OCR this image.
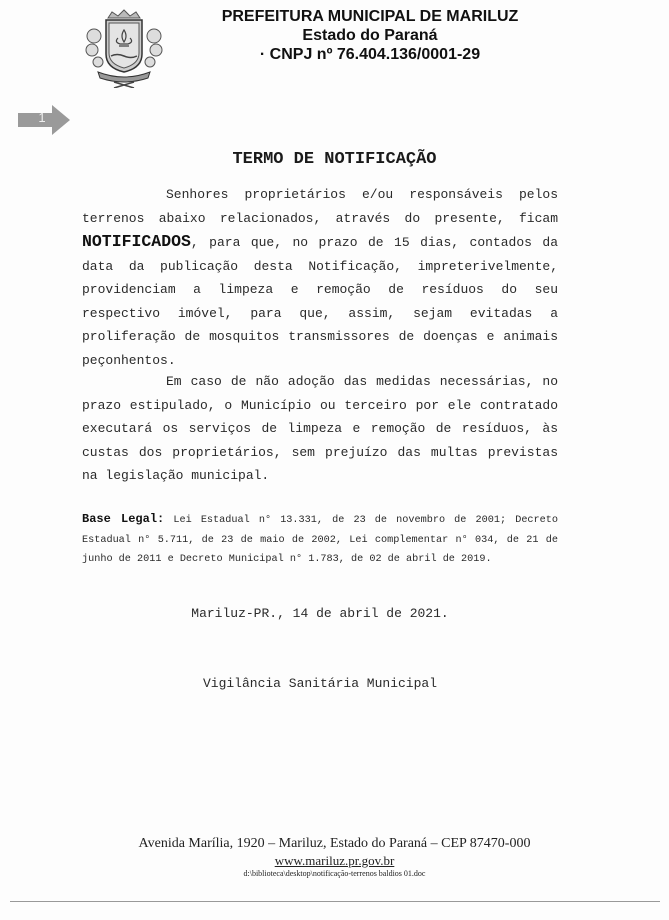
PREFEITURA MUNICIPAL DE MARILUZ
Estado do Paraná
· CNPJ nº 76.404.136/0001-29
1
TERMO DE NOTIFICAÇÃO
Senhores proprietários e/ou responsáveis pelos terrenos abaixo relacionados, através do presente, ficam NOTIFICADOS, para que, no prazo de 15 dias, contados da data da publicação desta Notificação, impreterivelmente, providenciam a limpeza e remoção de resíduos do seu respectivo imóvel, para que, assim, sejam evitadas a proliferação de mosquitos transmissores de doenças e animais peçonhentos.
Em caso de não adoção das medidas necessárias, no prazo estipulado, o Município ou terceiro por ele contratado executará os serviços de limpeza e remoção de resíduos, às custas dos proprietários, sem prejuízo das multas previstas na legislação municipal.
Base Legal: Lei Estadual n° 13.331, de 23 de novembro de 2001; Decreto Estadual n° 5.711, de 23 de maio de 2002, Lei complementar n° 034, de 21 de junho de 2011 e Decreto Municipal n° 1.783, de 02 de abril de 2019.
Mariluz-PR., 14 de abril de 2021.
Vigilância Sanitária Municipal
Avenida Marília, 1920 – Mariluz, Estado do Paraná – CEP 87470-000
www.mariluz.pr.gov.br
d:\biblioteca\desktop\notificação-terrenos baldios 01.doc
